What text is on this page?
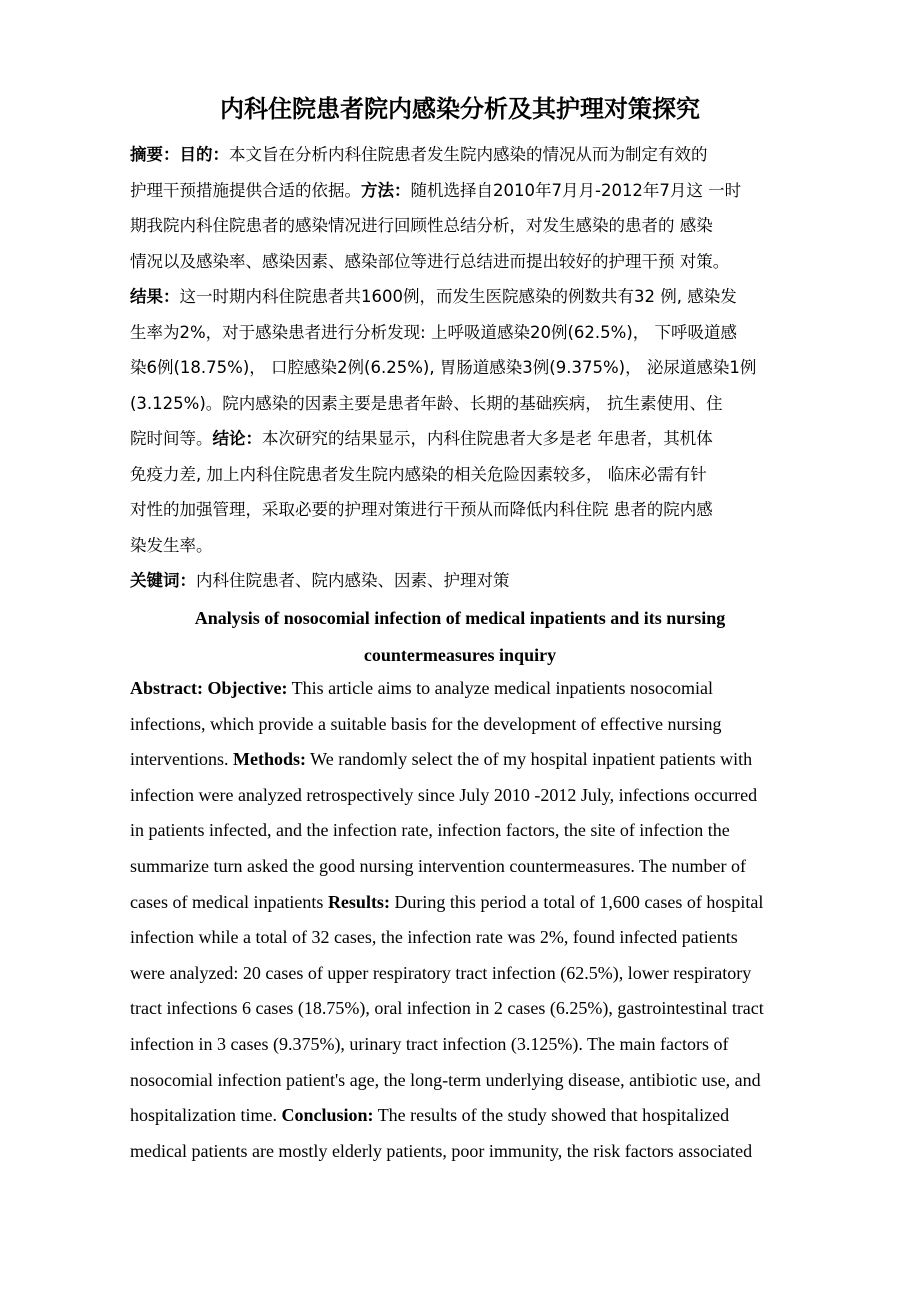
内科住院患者院内感染分析及其护理对策探究
摘要：目的：本文旨在分析内科住院患者发生院内感染的情况从而为制定有效的
护理干预措施提供合适的依据。方法：随机选择自2010年7月月-2012年7月这 一时
期我院内科住院患者的感染情况进行回顾性总结分析，对发生感染的患者的 感染
情况以及感染率、感染因素、感染部位等进行总结进而提出较好的护理干预 对策。
结果：这一时期内科住院患者共1600例，而发生医院感染的例数共有32 例, 感染发
生率为2%，对于感染患者进行分析发现: 上呼吸道感染20例(62.5%)， 下呼吸道感
染6例(18.75%)， 口腔感染2例(6.25%), 胃肠道感染3例(9.375%)， 泌尿道感染1例
(3.125%)。院内感染的因素主要是患者年龄、长期的基础疾病， 抗生素使用、住
院时间等。结论：本次研究的结果显示，内科住院患者大多是老 年患者，其机体
免疫力差, 加上内科住院患者发生院内感染的相关危险因素较多， 临床必需有针
对性的加强管理，采取必要的护理对策进行干预从而降低内科住院 患者的院内感
染发生率。
关键词：内科住院患者、院内感染、因素、护理对策
Analysis of nosocomial infection of medical inpatients and its nursing
countermeasures inquiry
Abstract: Objective: This article aims to analyze medical inpatients nosocomial
infections, which provide a suitable basis for the development of effective nursing
interventions. Methods: We randomly select the of my hospital inpatient patients with
infection were analyzed retrospectively since July 2010 -2012 July, infections occurred
in patients infected, and the infection rate, infection factors, the site of infection the
summarize turn asked the good nursing intervention countermeasures. The number of
cases of medical inpatients Results: During this period a total of 1,600 cases of hospital
infection while a total of 32 cases, the infection rate was 2%, found infected patients
were analyzed: 20 cases of upper respiratory tract infection (62.5%), lower respiratory
tract infections 6 cases (18.75%), oral infection in 2 cases (6.25%), gastrointestinal tract
infection in 3 cases (9.375%), urinary tract infection (3.125%). The main factors of
nosocomial infection patient's age, the long-term underlying disease, antibiotic use, and
hospitalization time. Conclusion: The results of the study showed that hospitalized
medical patients are mostly elderly patients, poor immunity, the risk factors associated
